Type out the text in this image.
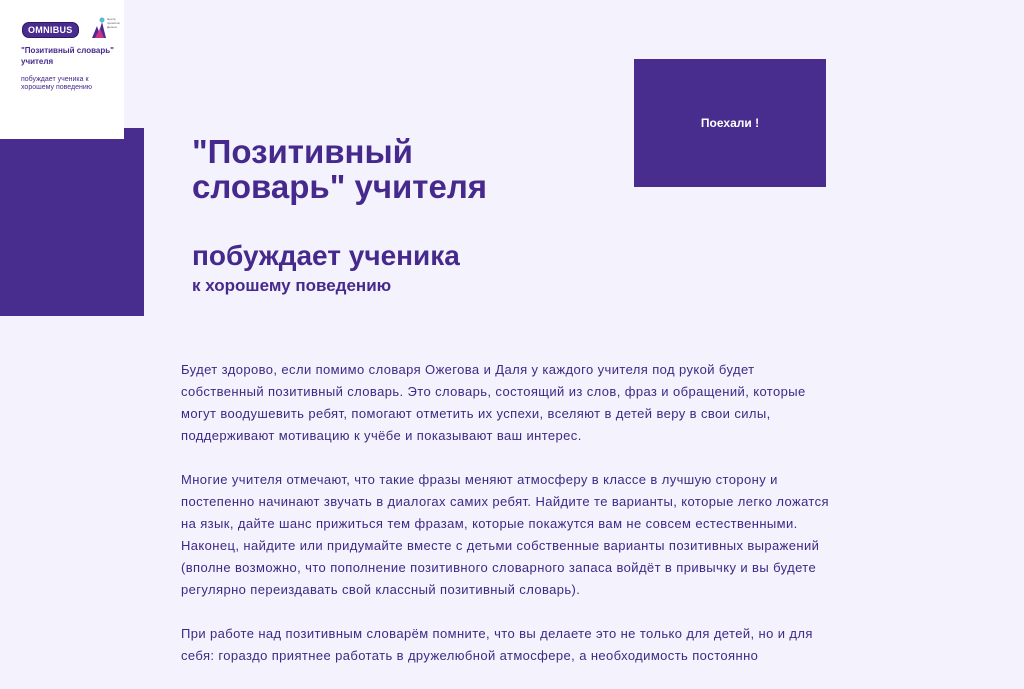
OMNIBUS
Центр проектов Дельта
"Позитивный словарь" учителя
побуждает ученика к хорошему поведению
"Позитивный словарь" учителя
побуждает ученика
к хорошему поведению
Поехали !

Будет здорово, если помимо словаря Ожегова и Даля у каждого учителя под рукой будет собственный позитивный словарь. Это словарь, состоящий из слов, фраз и обращений, которые могут воодушевить ребят, помогают отметить их успехи, вселяют в детей веру в свои силы, поддерживают мотивацию к учёбе и показывают ваш интерес.

Многие учителя отмечают, что такие фразы меняют атмосферу в классе в лучшую сторону и постепенно начинают звучать в диалогах самих ребят. Найдите те варианты, которые легко ложатся на язык, дайте шанс прижиться тем фразам, которые покажутся вам не совсем естественными. Наконец, найдите или придумайте вместе с детьми собственные варианты позитивных выражений (вполне возможно, что пополнение позитивного словарного запаса войдёт в привычку и вы будете регулярно переиздавать свой классный позитивный словарь).

При работе над позитивным словарём помните, что вы делаете это не только для детей, но и для себя: гораздо приятнее работать в дружелюбной атмосфере, а необходимость постоянно
